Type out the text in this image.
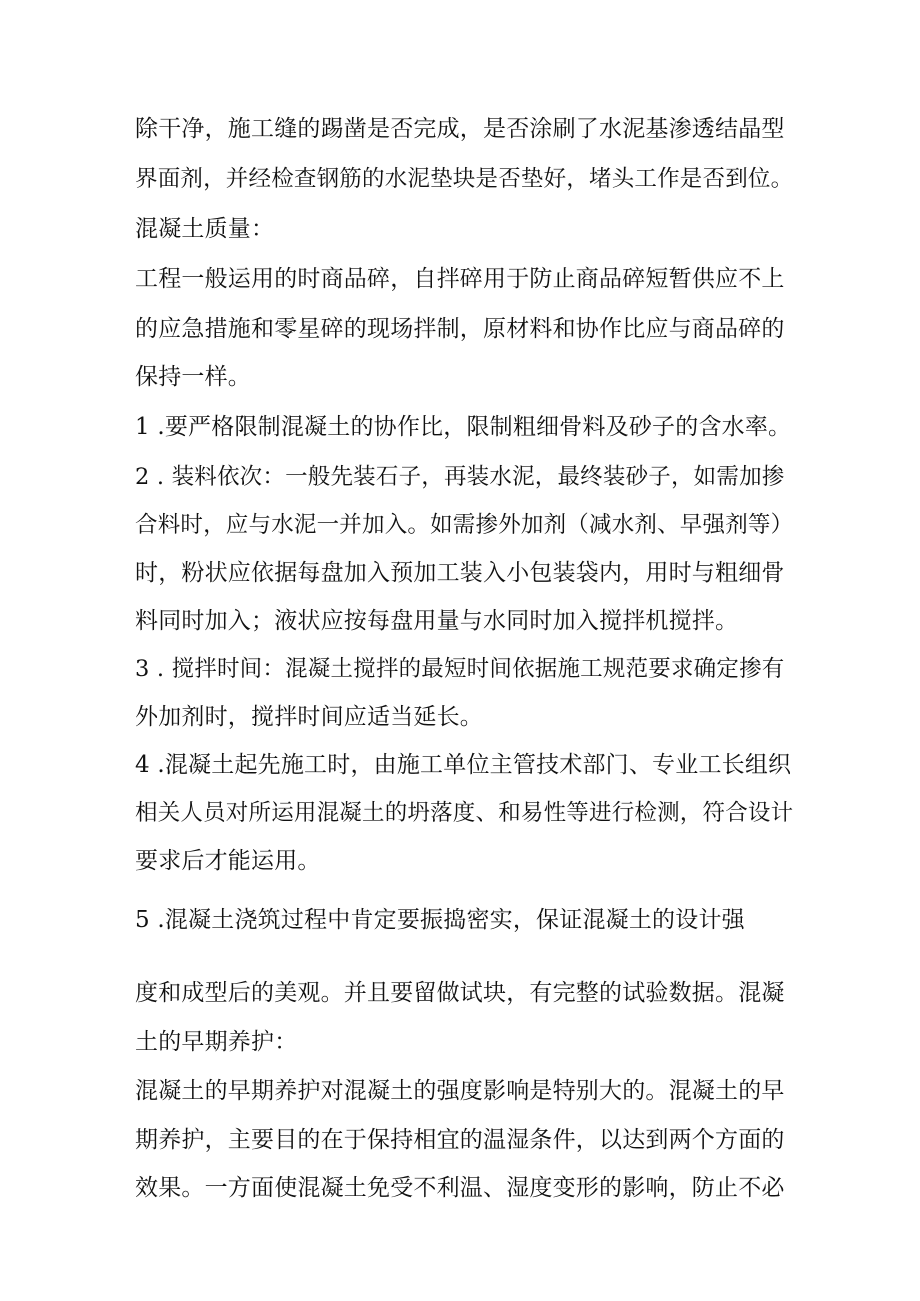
除干净，施工缝的踢凿是否完成，是否涂刷了水泥基渗透结晶型
界面剂，并经检查钢筋的水泥垫块是否垫好，堵头工作是否到位。
混凝土质量：
工程一般运用的时商品碎，自拌碎用于防止商品碎短暂供应不上
的应急措施和零星碎的现场拌制，原材料和协作比应与商品碎的
保持一样。
1 .要严格限制混凝土的协作比，限制粗细骨料及砂子的含水率。
2 . 装料依次：一般先装石子，再装水泥，最终装砂子，如需加掺
合料时，应与水泥一并加入。如需掺外加剂（减水剂、早强剂等）
时，粉状应依据每盘加入预加工装入小包装袋内，用时与粗细骨
料同时加入；液状应按每盘用量与水同时加入搅拌机搅拌。
3 . 搅拌时间：混凝土搅拌的最短时间依据施工规范要求确定掺有
外加剂时，搅拌时间应适当延长。
4 .混凝土起先施工时，由施工单位主管技术部门、专业工长组织
相关人员对所运用混凝土的坍落度、和易性等进行检测，符合设计
要求后才能运用。
5 .混凝土浇筑过程中肯定要振捣密实，保证混凝土的设计强
度和成型后的美观。并且要留做试块，有完整的试验数据。混凝
土的早期养护：
混凝土的早期养护对混凝土的强度影响是特别大的。混凝土的早
期养护，主要目的在于保持相宜的温湿条件，以达到两个方面的
效果。一方面使混凝土免受不利温、湿度变形的影响，防止不必
